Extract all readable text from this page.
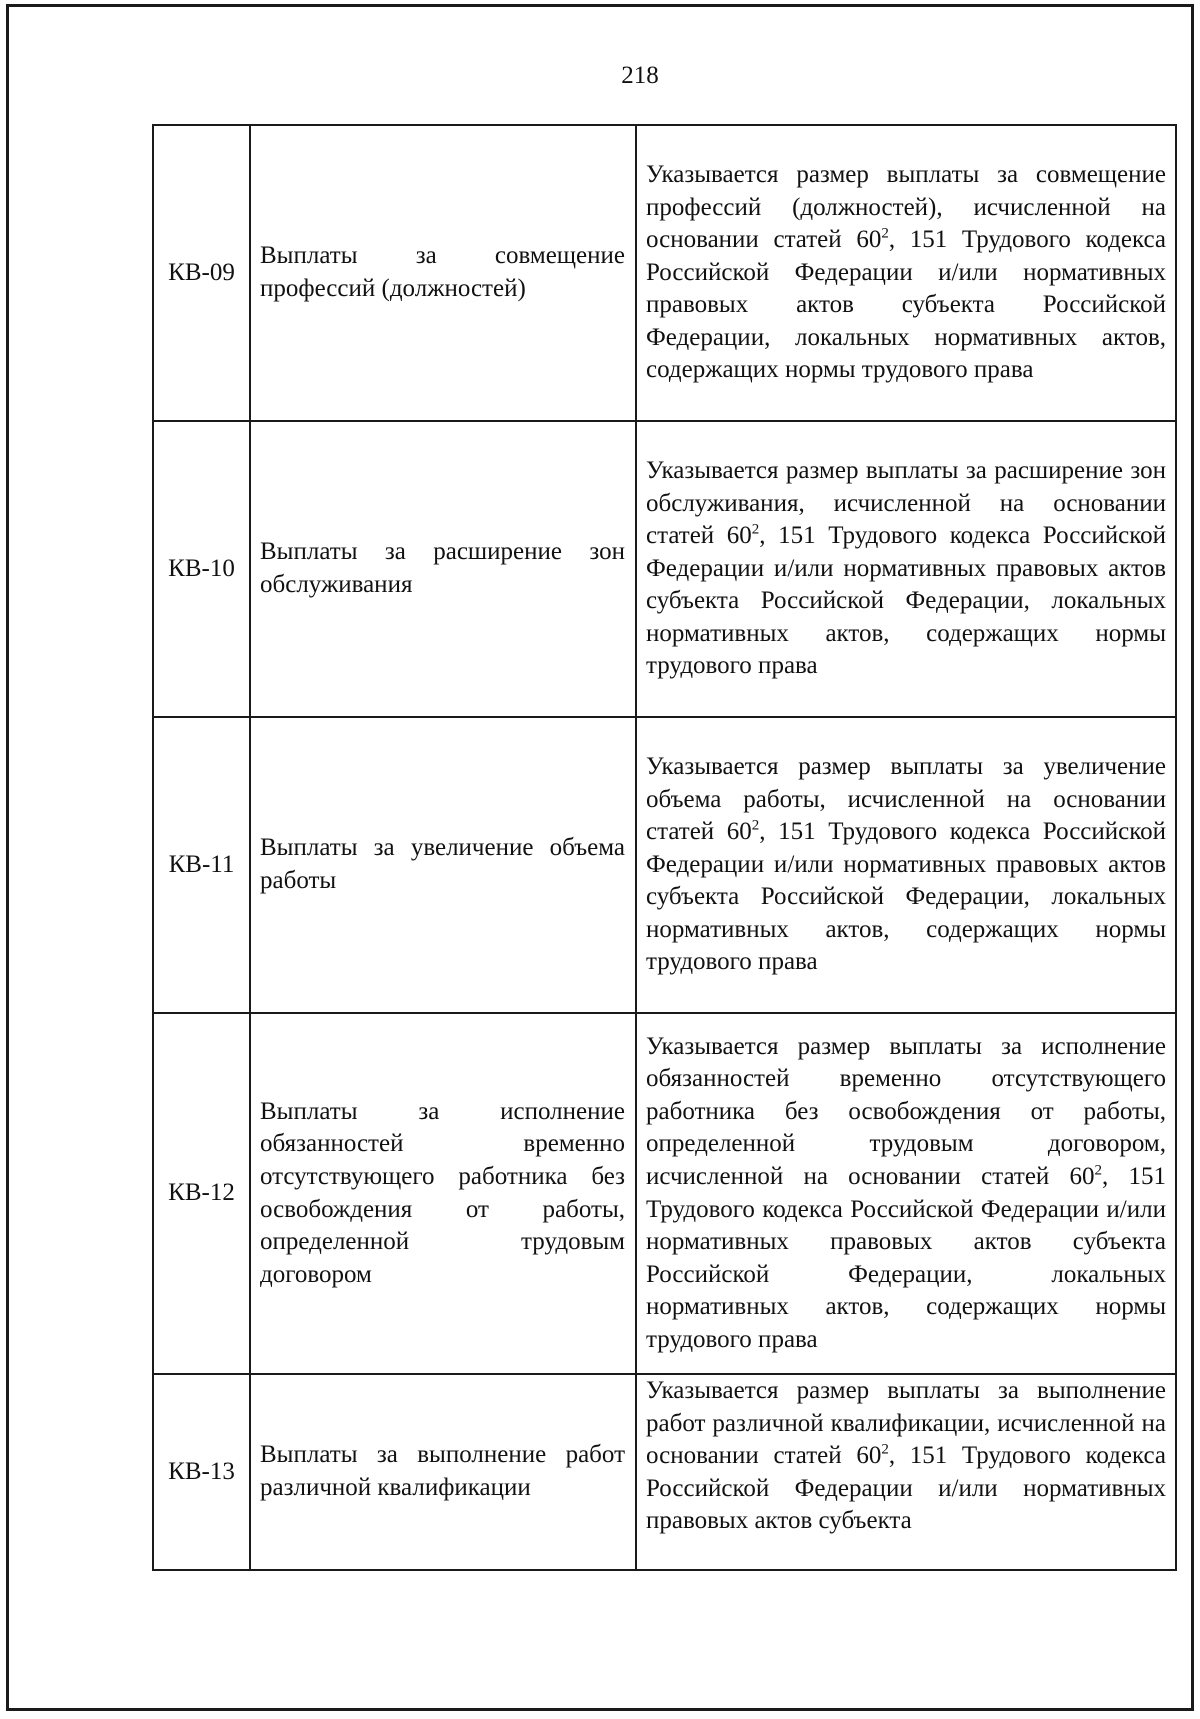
218
КВ-09	Выплаты за совмещение профессий (должностей)	Указывается размер выплаты за совмещение профессий (должностей), исчисленной на основании статей $60^2$, 151 Трудового кодекса Российской Федерации и/или нормативных правовых актов субъекта Российской Федерации, локальных нормативных актов, содержащих нормы трудового права

КВ-10	Выплаты за расширение зон обслуживания	Указывается размер выплаты за расширение зон обслуживания, исчисленной на основании статей $60^2$, 151 Трудового кодекса Российской Федерации и/или нормативных правовых актов субъекта Российской Федерации, локальных нормативных актов, содержащих нормы трудового права

КВ-11	Выплаты за увеличение объема работы	Указывается размер выплаты за увеличение объема работы, исчисленной на основании статей $60^2$, 151 Трудового кодекса Российской Федерации и/или нормативных правовых актов субъекта Российской Федерации, локальных нормативных актов, содержащих нормы трудового права

КВ-12	Выплаты за исполнение обязанностей временно отсутствующего работника без освобождения от работы, определенной трудовым договором	Указывается размер выплаты за исполнение обязанностей временно отсутствующего работника без освобождения от работы, определенной трудовым договором, исчисленной на основании статей $60^2$, 151 Трудового кодекса Российской Федерации и/или нормативных правовых актов субъекта Российской Федерации, локальных нормативных актов, содержащих нормы трудового права

КВ-13	Выплаты за выполнение работ различной квалификации	Указывается размер выплаты за выполнение работ различной квалификации, исчисленной на основании статей $60^2$, 151 Трудового кодекса Российской Федерации и/или нормативных правовых актов субъекта
